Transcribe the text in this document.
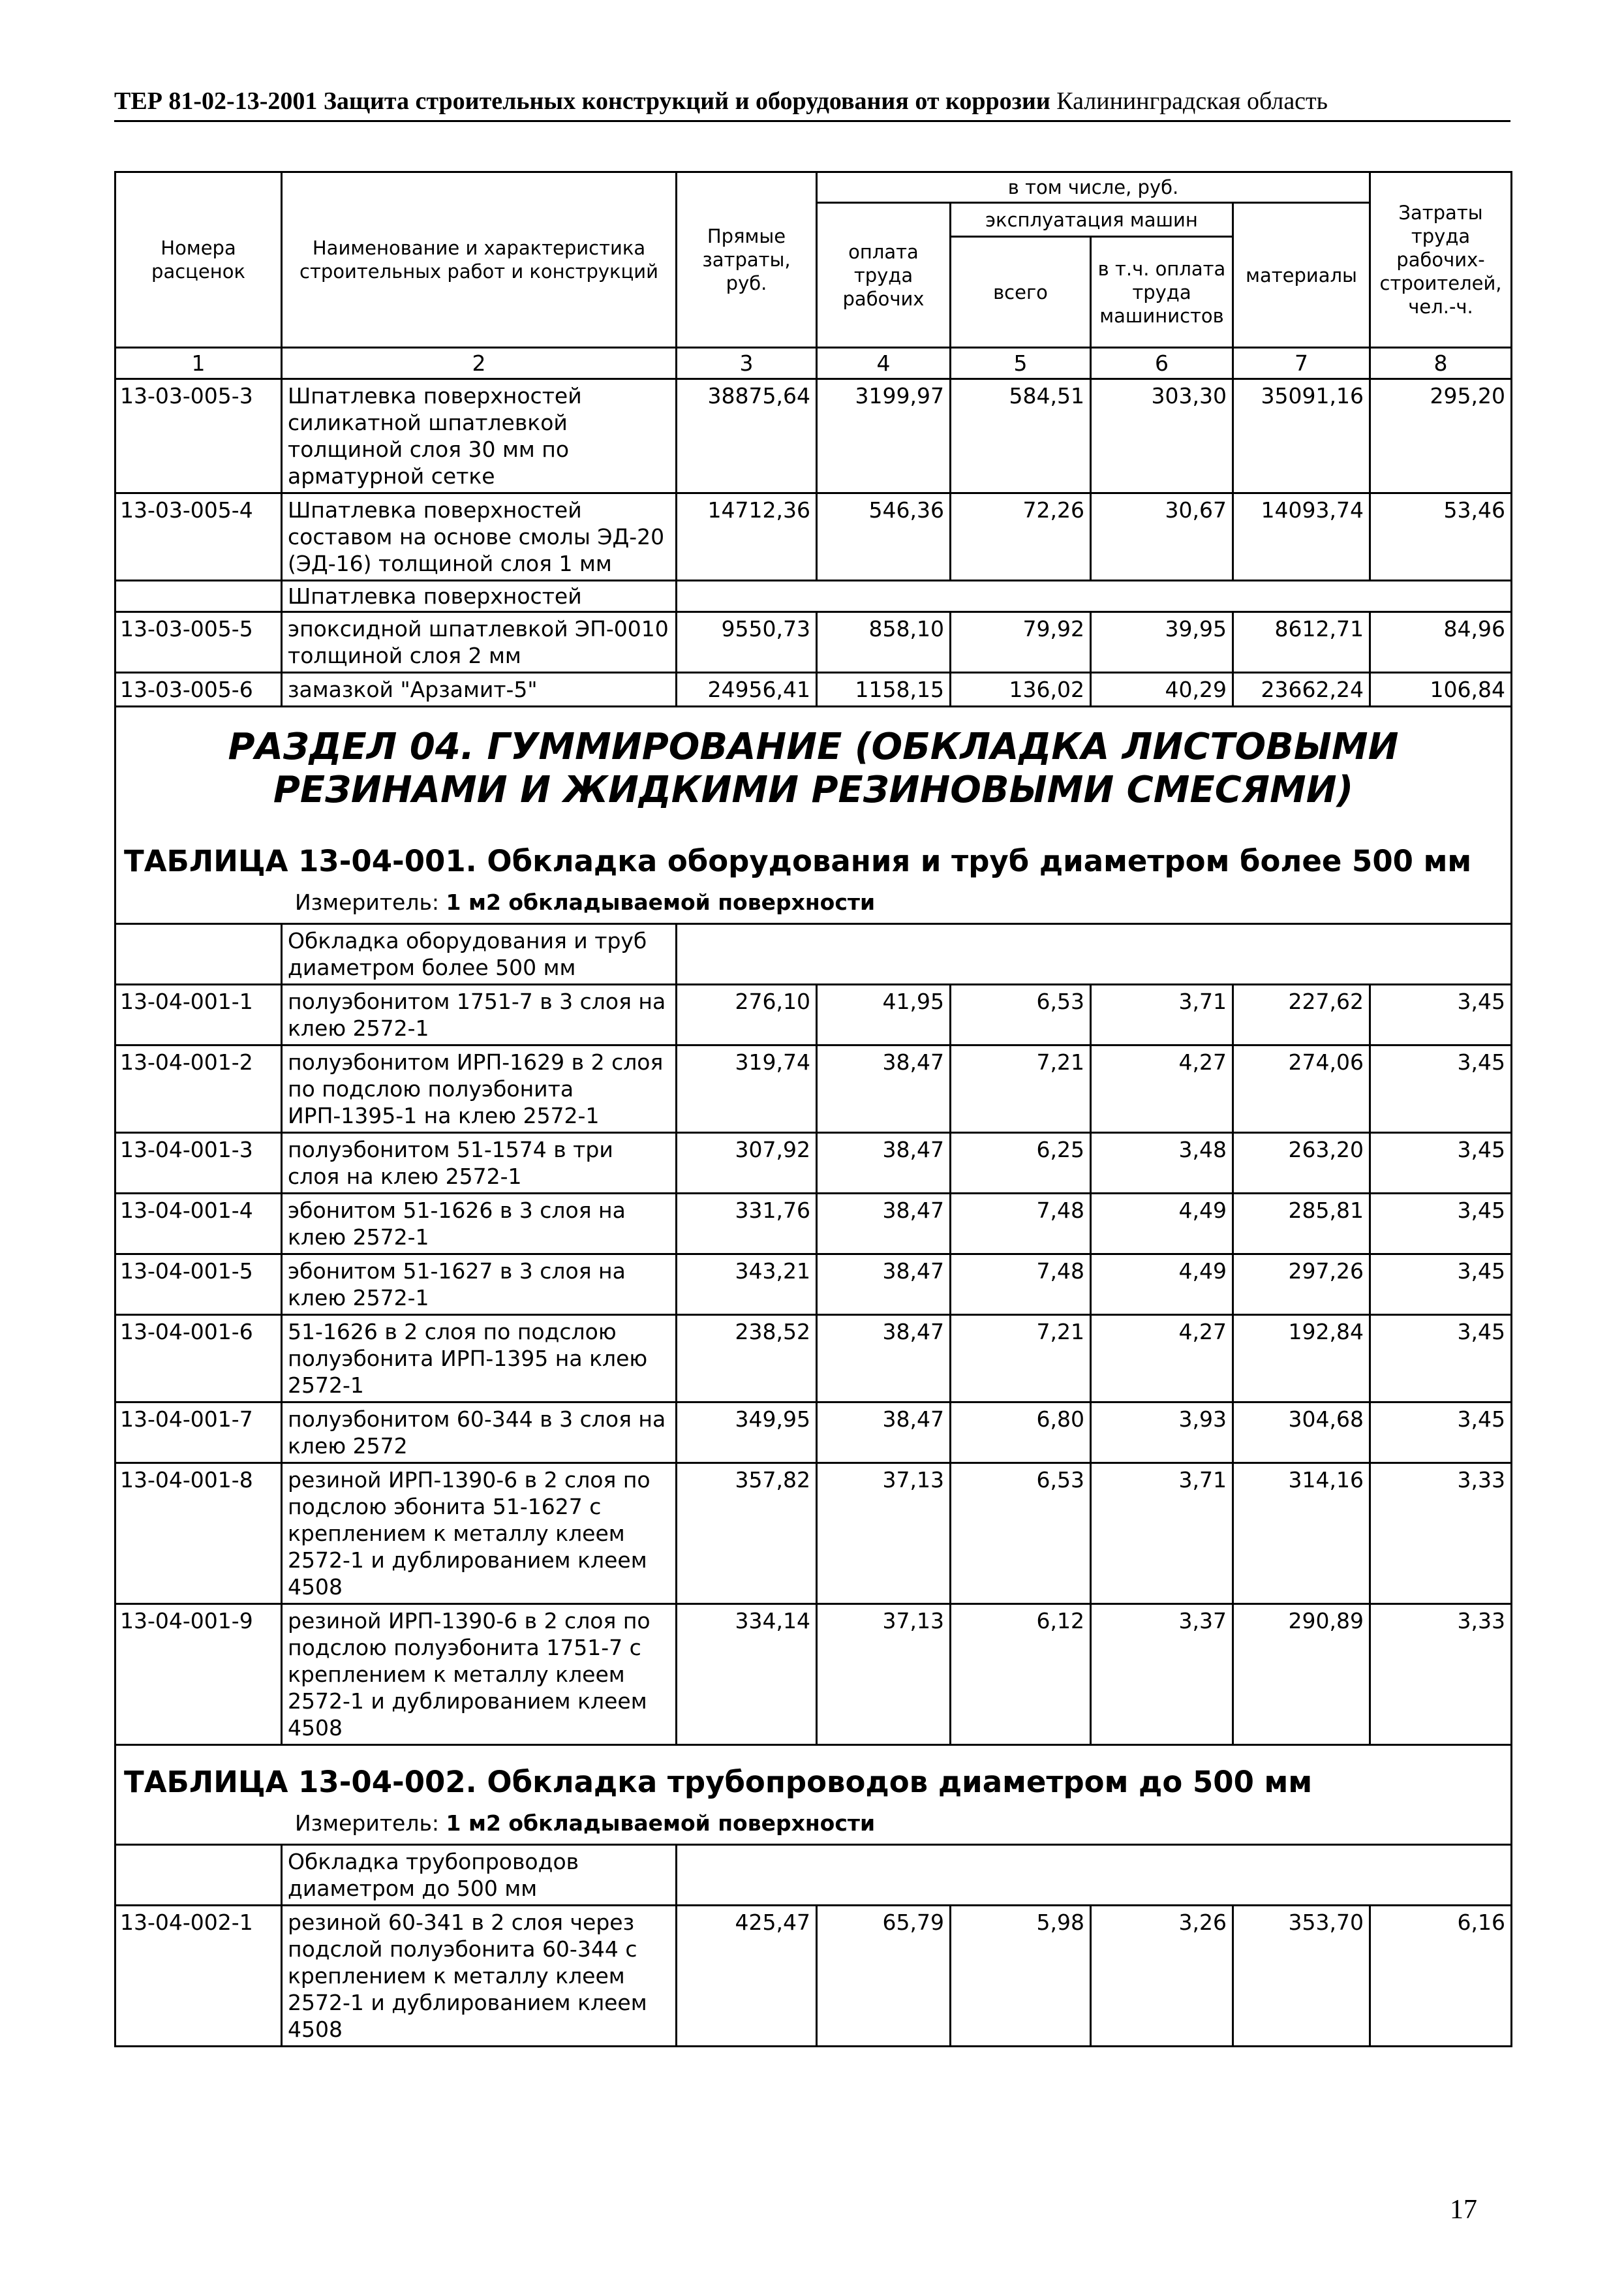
ТЕР 81-02-13-2001 Защита строительных конструкций и оборудования от коррозии Калининградская область
Номера расценок	Наименование и характеристика строительных работ и конструкций	Прямые затраты, руб.	в том числе, руб.				Затраты труда рабочих-строителей, чел.-ч.
			оплата труда рабочих	эксплуатация машин		материалы	
				всего	в т.ч. оплата труда машинистов		
1	2	3	4	5	6	7	8
13-03-005-3	Шпатлевка поверхностей силикатной шпатлевкой толщиной слоя 30 мм по арматурной сетке	38875,64	3199,97	584,51	303,30	35091,16	295,20
13-03-005-4	Шпатлевка поверхностей составом на основе смолы ЭД-20 (ЭД-16) толщиной слоя 1 мм	14712,36	546,36	72,26	30,67	14093,74	53,46
	Шпатлевка поверхностей						
13-03-005-5	эпоксидной шпатлевкой ЭП-0010 толщиной слоя 2 мм	9550,73	858,10	79,92	39,95	8612,71	84,96
13-03-005-6	замазкой "Арзамит-5"	24956,41	1158,15	136,02	40,29	23662,24	106,84

РАЗДЕЛ 04. ГУММИРОВАНИЕ (ОБКЛАДКА ЛИСТОВЫМИ РЕЗИНАМИ И ЖИДКИМИ РЕЗИНОВЫМИ СМЕСЯМИ)
ТАБЛИЦА 13-04-001. Обкладка оборудования и труб диаметром более 500 мм
Измеритель: 1 м2 обкладываемой поверхности							

	Обкладка оборудования и труб диаметром более 500 мм						
13-04-001-1	полуэбонитом 1751-7 в 3 слоя на клею 2572-1	276,10	41,95	6,53	3,71	227,62	3,45
13-04-001-2	полуэбонитом ИРП-1629 в 2 слоя по подслою полуэбонита ИРП-1395-1 на клею 2572-1	319,74	38,47	7,21	4,27	274,06	3,45
13-04-001-3	полуэбонитом 51-1574 в три слоя на клею 2572-1	307,92	38,47	6,25	3,48	263,20	3,45
13-04-001-4	эбонитом 51-1626 в 3 слоя на клею 2572-1	331,76	38,47	7,48	4,49	285,81	3,45
13-04-001-5	эбонитом 51-1627 в 3 слоя на клею 2572-1	343,21	38,47	7,48	4,49	297,26	3,45
13-04-001-6	51-1626 в 2 слоя по подслою полуэбонита ИРП-1395 на клею 2572-1	238,52	38,47	7,21	4,27	192,84	3,45
13-04-001-7	полуэбонитом 60-344 в 3 слоя на клею 2572	349,95	38,47	6,80	3,93	304,68	3,45
13-04-001-8	резиной ИРП-1390-6 в 2 слоя по подслою эбонита 51-1627 с креплением к металлу клеем 2572-1 и дублированием клеем 4508	357,82	37,13	6,53	3,71	314,16	3,33
13-04-001-9	резиной ИРП-1390-6 в 2 слоя по подслою полуэбонита 1751-7 с креплением к металлу клеем 2572-1 и дублированием клеем 4508	334,14	37,13	6,12	3,37	290,89	3,33

ТАБЛИЦА 13-04-002. Обкладка трубопроводов диаметром до 500 мм
Измеритель: 1 м2 обкладываемой поверхности							

	Обкладка трубопроводов диаметром до 500 мм						
13-04-002-1	резиной 60-341 в 2 слоя через подслой полуэбонита 60-344 с креплением к металлу клеем 2572-1 и дублированием клеем 4508	425,47	65,79	5,98	3,26	353,70	6,16
17
